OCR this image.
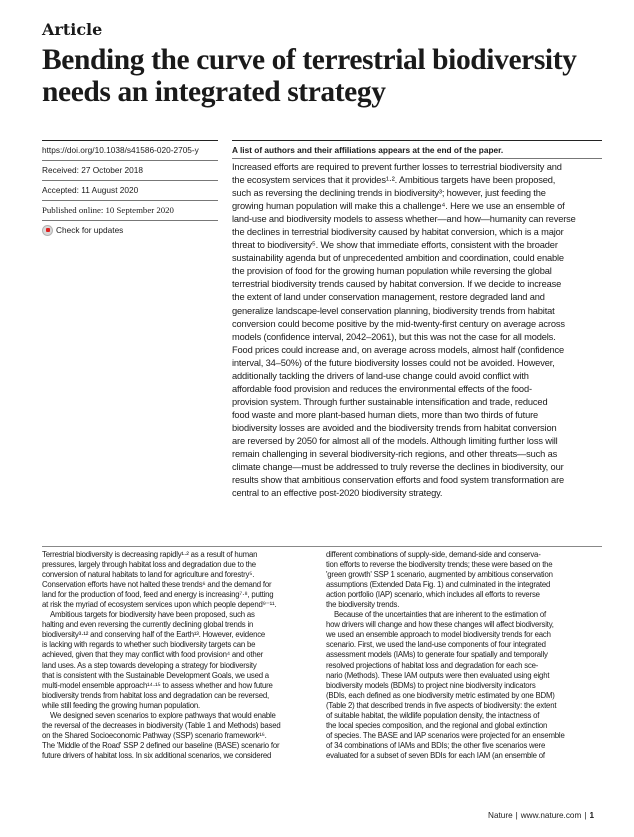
Article
Bending the curve of terrestrial biodiversity
needs an integrated strategy
https://doi.org/10.1038/s41586-020-2705-y
Received: 27 October 2018
Accepted: 11 August 2020
Published online: 10 September 2020
Check for updates
A list of authors and their affiliations appears at the end of the paper.
Increased efforts are required to prevent further losses to terrestrial biodiversity and
the ecosystem services that it provides¹·². Ambitious targets have been proposed,
such as reversing the declining trends in biodiversity³; however, just feeding the
growing human population will make this a challenge⁴. Here we use an ensemble of
land-use and biodiversity models to assess whether—and how—humanity can reverse
the declines in terrestrial biodiversity caused by habitat conversion, which is a major
threat to biodiversity⁵. We show that immediate efforts, consistent with the broader
sustainability agenda but of unprecedented ambition and coordination, could enable
the provision of food for the growing human population while reversing the global
terrestrial biodiversity trends caused by habitat conversion. If we decide to increase
the extent of land under conservation management, restore degraded land and
generalize landscape-level conservation planning, biodiversity trends from habitat
conversion could become positive by the mid-twenty-first century on average across
models (confidence interval, 2042–2061), but this was not the case for all models.
Food prices could increase and, on average across models, almost half (confidence
interval, 34–50%) of the future biodiversity losses could not be avoided. However,
additionally tackling the drivers of land-use change could avoid conflict with
affordable food provision and reduces the environmental effects of the food-
provision system. Through further sustainable intensification and trade, reduced
food waste and more plant-based human diets, more than two thirds of future
biodiversity losses are avoided and the biodiversity trends from habitat conversion
are reversed by 2050 for almost all of the models. Although limiting further loss will
remain challenging in several biodiversity-rich regions, and other threats—such as
climate change—must be addressed to truly reverse the declines in biodiversity, our
results show that ambitious conservation efforts and food system transformation are
central to an effective post-2020 biodiversity strategy.
Terrestrial biodiversity is decreasing rapidly¹·² as a result of human
pressures, largely through habitat loss and degradation due to the
conversion of natural habitats to land for agriculture and forestry⁵.
Conservation efforts have not halted these trends⁶ and the demand for
land for the production of food, feed and energy is increasing⁷·⁸, putting
at risk the myriad of ecosystem services upon which people depend⁹⁻¹¹.
Ambitious targets for biodiversity have been proposed, such as
halting and even reversing the currently declining global trends in
biodiversity³·¹² and conserving half of the Earth¹³. However, evidence
is lacking with regards to whether such biodiversity targets can be
achieved, given that they may conflict with food provision⁴ and other
land uses. As a step towards developing a strategy for biodiversity
that is consistent with the Sustainable Development Goals, we used a
multi-model ensemble approach¹⁴·¹⁵ to assess whether and how future
biodiversity trends from habitat loss and degradation can be reversed,
while still feeding the growing human population.
We designed seven scenarios to explore pathways that would enable
the reversal of the decreases in biodiversity (Table 1 and Methods) based
on the Shared Socioeconomic Pathway (SSP) scenario framework¹⁶.
The 'Middle of the Road' SSP 2 defined our baseline (BASE) scenario for
future drivers of habitat loss. In six additional scenarios, we considered
different combinations of supply-side, demand-side and conserva-
tion efforts to reverse the biodiversity trends; these were based on the
'green growth' SSP 1 scenario, augmented by ambitious conservation
assumptions (Extended Data Fig. 1) and culminated in the integrated
action portfolio (IAP) scenario, which includes all efforts to reverse
the biodiversity trends.
Because of the uncertainties that are inherent to the estimation of
how drivers will change and how these changes will affect biodiversity,
we used an ensemble approach to model biodiversity trends for each
scenario. First, we used the land-use components of four integrated
assessment models (IAMs) to generate four spatially and temporally
resolved projections of habitat loss and degradation for each sce-
nario (Methods). These IAM outputs were then evaluated using eight
biodiversity models (BDMs) to project nine biodiversity indicators
(BDIs, each defined as one biodiversity metric estimated by one BDM)
(Table 2) that described trends in five aspects of biodiversity: the extent
of suitable habitat, the wildlife population density, the intactness of
the local species composition, and the regional and global extinction
of species. The BASE and IAP scenarios were projected for an ensemble
of 34 combinations of IAMs and BDIs; the other five scenarios were
evaluated for a subset of seven BDIs for each IAM (an ensemble of
Nature | www.nature.com | 1
